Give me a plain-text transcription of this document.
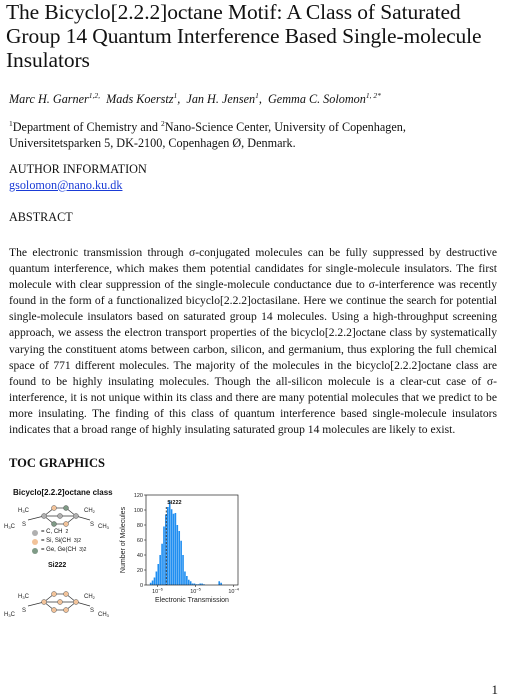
The Bicyclo[2.2.2]octane Motif: A Class of Saturated Group 14 Quantum Interference Based Single-molecule Insulators
Marc H. Garner$^{1,2,}$ Mads Koerstz$^1$,  Jan H. Jensen$^1$,  Gemma C. Solomon$^{1, 2*}$
$^1$Department of Chemistry and $^2$Nano-Science Center, University of Copenhagen, Universitetsparken 5, DK-2100, Copenhagen Ø, Denmark.
AUTHOR INFORMATION
gsolomon@nano.ku.dk
ABSTRACT
The electronic transmission through σ-conjugated molecules can be fully suppressed by destructive quantum interference, which makes them potential candidates for single-molecule insulators. The first molecule with clear suppression of the single-molecule conductance due to σ-interference was recently found in the form of a functionalized bicyclo[2.2.2]octasilane. Here we continue the search for potential single-molecule insulators based on saturated group 14 molecules. Using a high-throughput screening approach, we assess the electron transport properties of the bicyclo[2.2.2]octane class by systematically varying the constituent atoms between carbon, silicon, and germanium, thus exploring the full chemical space of 771 different molecules. The majority of the molecules in the bicyclo[2.2.2]octane class are found to be highly insulating molecules. Though the all-silicon molecule is a clear-cut case of σ-interference, it is not unique within its class and there are many potential molecules that we predict to be more insulating. The finding of this class of quantum interference based single-molecule insulators indicates that a broad range of highly insulating saturated group 14 molecules are likely to exist.
TOC GRAPHICS
Bicyclo[2.2.2]octane class
H3C
S
H3C
CH2
S CH3
H3C
S
H3C
CH2
S
CH3
= C, CH 2
= Si, Si(CH 3)2
= Ge, Ge(CH 3)2
Si222
0
20
40
60
80
100
120
$10^{-6}$	$10^{-5}$	$10^{-4}$
Si222
Electronic Transmission
Number of Molecules
1
